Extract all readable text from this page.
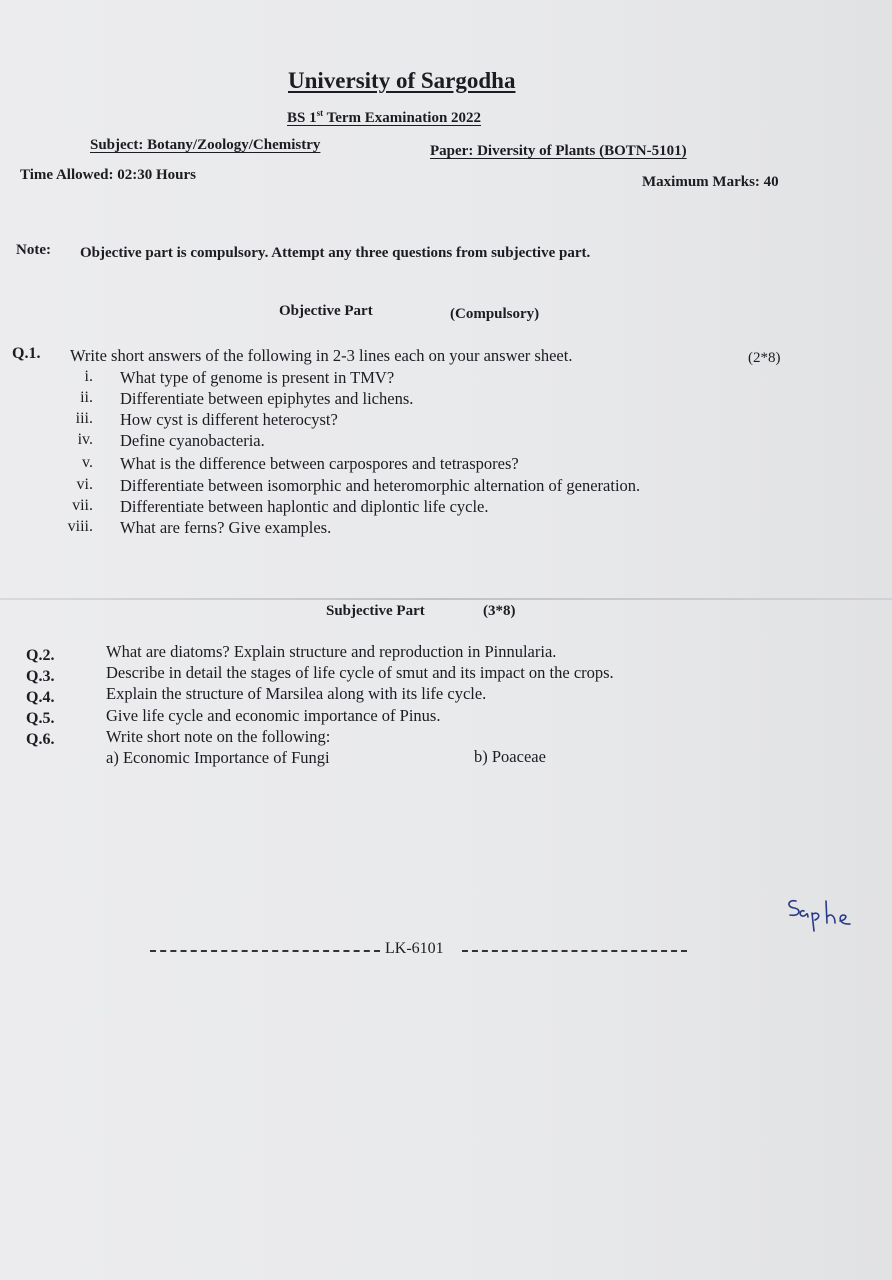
University of Sargodha
BS 1st Term Examination 2022
Subject: Botany/Zoology/Chemistry	Paper: Diversity of Plants (BOTN-5101)
Time Allowed: 02:30 Hours	Maximum Marks: 40
Note: Objective part is compulsory. Attempt any three questions from subjective part.
Objective Part	(Compulsory)
Q.1. Write short answers of the following in 2-3 lines each on your answer sheet.	(2*8)
i. What type of genome is present in TMV?
ii. Differentiate between epiphytes and lichens.
iii. How cyst is different heterocyst?
iv. Define cyanobacteria.
v. What is the difference between carpospores and tetraspores?
vi. Differentiate between isomorphic and heteromorphic alternation of generation.
vii. Differentiate between haplontic and diplontic life cycle.
viii. What are ferns? Give examples.
Subjective Part	(3*8)
Q.2.	What are diatoms? Explain structure and reproduction in Pinnularia.
Q.3.	Describe in detail the stages of life cycle of smut and its impact on the crops.
Q.4.	Explain the structure of Marsilea along with its life cycle.
Q.5.	Give life cycle and economic importance of Pinus.
Q.6.	Write short note on the following:
a) Economic Importance of Fungi	b) Poaceae
LK-6101
